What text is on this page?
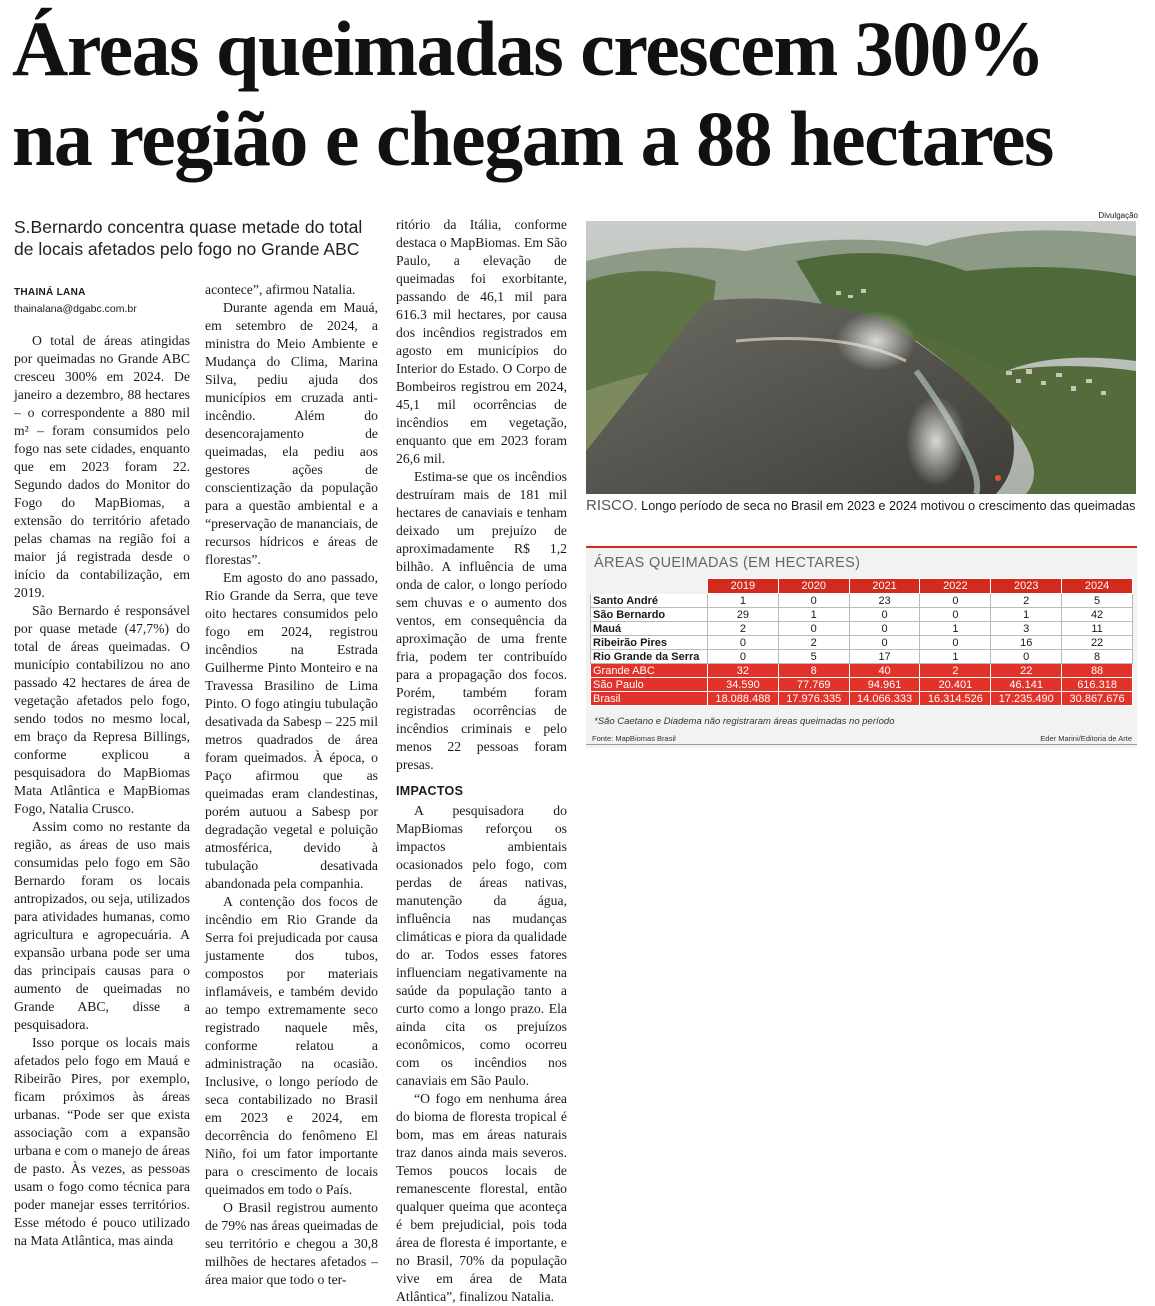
Áreas queimadas crescem 300%
na região e chegam a 88 hectares

S.Bernardo concentra quase metade do total de locais afetados pelo fogo no Grande ABC

THAINÁ LANA
thainalana@dgabc.com.br

O total de áreas atingidas por queimadas no Grande ABC cresceu 300% em 2024. De janeiro a dezembro, 88 hectares – o correspondente a 880 mil m² – foram consumidos pelo fogo nas sete cidades, enquanto que em 2023 foram 22. Segundo dados do Monitor do Fogo do MapBiomas, a extensão do território afetado pelas chamas na região foi a maior já registrada desde o início da contabilização, em 2019.

São Bernardo é responsável por quase metade (47,7%) do total de áreas queimadas. O município contabilizou no ano passado 42 hectares de área de vegetação afetados pelo fogo, sendo todos no mesmo local, em braço da Represa Billings, conforme explicou a pesquisadora do MapBiomas Mata Atlântica e MapBiomas Fogo, Natalia Crusco.

Assim como no restante da região, as áreas de uso mais consumidas pelo fogo em São Bernardo foram os locais antropizados, ou seja, utilizados para atividades humanas, como agricultura e agropecuária. A expansão urbana pode ser uma das principais causas para o aumento de queimadas no Grande ABC, disse a pesquisadora.

Isso porque os locais mais afetados pelo fogo em Mauá e Ribeirão Pires, por exemplo, ficam próximos às áreas urbanas. “Pode ser que exista associação com a expansão urbana e com o manejo de áreas de pasto. Às vezes, as pessoas usam o fogo como técnica para poder manejar esses territórios. Esse método é pouco utilizado na Mata Atlântica, mas ainda

acontece”, afirmou Natalia.

Durante agenda em Mauá, em setembro de 2024, a ministra do Meio Ambiente e Mudança do Clima, Marina Silva, pediu ajuda dos municípios em cruzada anti-incêndio. Além do desencorajamento de queimadas, ela pediu aos gestores ações de conscientização da população para a questão ambiental e a “preservação de mananciais, de recursos hídricos e áreas de florestas”.

Em agosto do ano passado, Rio Grande da Serra, que teve oito hectares consumidos pelo fogo em 2024, registrou incêndios na Estrada Guilherme Pinto Monteiro e na Travessa Brasilino de Lima Pinto. O fogo atingiu tubulação desativada da Sabesp – 225 mil metros quadrados de área foram queimados. À época, o Paço afirmou que as queimadas eram clandestinas, porém autuou a Sabesp por degradação vegetal e poluição atmosférica, devido à tubulação desativada abandonada pela companhia.

A contenção dos focos de incêndio em Rio Grande da Serra foi prejudicada por causa justamente dos tubos, compostos por materiais inflamáveis, e também devido ao tempo extremamente seco registrado naquele mês, conforme relatou a administração na ocasião. Inclusive, o longo período de seca contabilizado no Brasil em 2023 e 2024, em decorrência do fenômeno El Niño, foi um fator importante para o crescimento de locais queimados em todo o País.

O Brasil registrou aumento de 79% nas áreas queimadas de seu território e chegou a 30,8 milhões de hectares afetados – área maior que todo o ter-

ritório da Itália, conforme destaca o MapBiomas. Em São Paulo, a elevação de queimadas foi exorbitante, passando de 46,1 mil para 616.3 mil hectares, por causa dos incêndios registrados em agosto em municípios do Interior do Estado. O Corpo de Bombeiros registrou em 2024, 45,1 mil ocorrências de incêndios em vegetação, enquanto que em 2023 foram 26,6 mil.

Estima-se que os incêndios destruíram mais de 181 mil hectares de canaviais e tenham deixado um prejuízo de aproximadamente R$ 1,2 bilhão. A influência de uma onda de calor, o longo período sem chuvas e o aumento dos ventos, em consequência da aproximação de uma frente fria, podem ter contribuído para a propagação dos focos. Porém, também foram registradas ocorrências de incêndios criminais e pelo menos 22 pessoas foram presas.

IMPACTOS

A pesquisadora do MapBiomas reforçou os impactos ambientais ocasionados pelo fogo, com perdas de áreas nativas, manutenção da água, influência nas mudanças climáticas e piora da qualidade do ar. Todos esses fatores influenciam negativamente na saúde da população tanto a curto como a longo prazo. Ela ainda cita os prejuízos econômicos, como ocorreu com os incêndios nos canaviais em São Paulo.

“O fogo em nenhuma área do bioma de floresta tropical é bom, mas em áreas naturais traz danos ainda mais severos. Temos poucos locais de remanescente florestal, então qualquer queima que aconteça é bem prejudicial, pois toda área de floresta é importante, e no Brasil, 70% da população vive em área de Mata Atlântica”, finalizou Natalia.

Divulgação
RISCO. Longo período de seca no Brasil em 2023 e 2024 motivou o crescimento das queimadas
ÁREAS QUEIMADAS (EM HECTARES)
	2019	2020	2021	2022	2023	2024
Santo André	1	0	23	0	2	5
São Bernardo	29	1	0	0	1	42
Mauá	2	0	0	1	3	11
Ribeirão Pires	0	2	0	0	16	22
Rio Grande da Serra	0	5	17	1	0	8
Grande ABC	32	8	40	2	22	88
São Paulo	34.590	77.769	94.961	20.401	46.141	616.318
Brasil	18.088.488	17.976.335	14.066.333	16.314.526	17.235.490	30.867.676
*São Caetano e Diadema não registraram áreas queimadas no período
Fonte: MapBiomas Brasil	Eder Marini/Editoria de Arte
